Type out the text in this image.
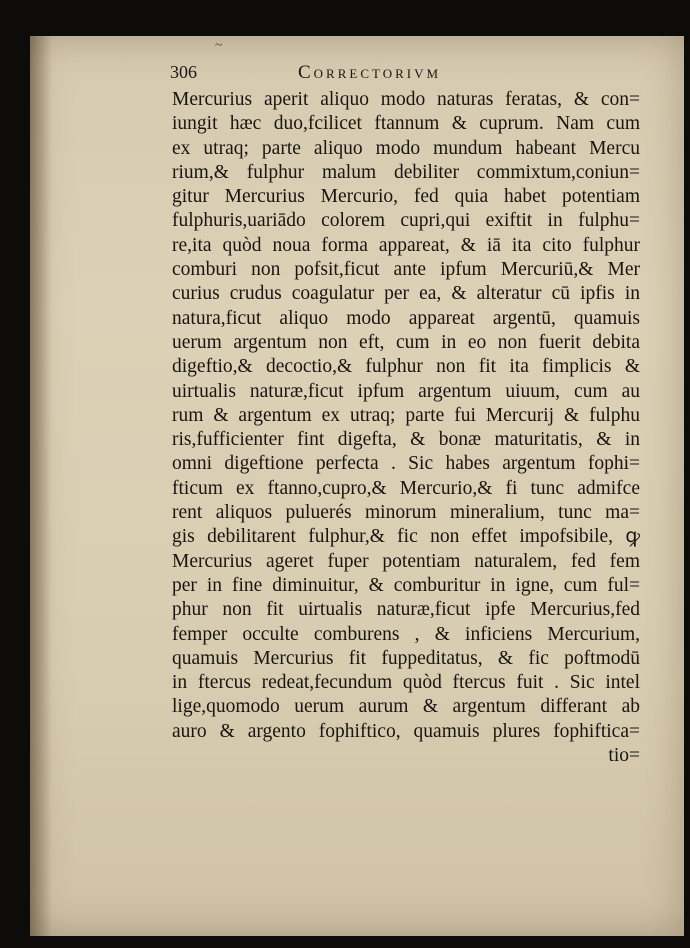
~
306	Correctorivm
Mercurius aperit aliquo modo naturas feratas, & con=
iungit hæc duo,fcilicet ftannum & cuprum. Nam cum
ex utraq; parte aliquo modo mundum habeant Mercu
rium,& fulphur malum debiliter commixtum,coniun=
gitur Mercurius Mercurio, fed quia habet potentiam
fulphuris,uariādo colorem cupri,qui exiftit in fulphu=
re,ita quòd noua forma appareat, & iā ita cito fulphur
comburi non pofsit,ficut ante ipfum Mercuriū,& Mer
curius crudus coagulatur per ea, & alteratur cū ipfis in
natura,ficut aliquo modo appareat argentū, quamuis
uerum argentum non eft, cum in eo non fuerit debita
digeftio,& decoctio,& fulphur non fit ita fimplicis &
uirtualis naturæ,ficut ipfum argentum uiuum, cum au
rum & argentum ex utraq; parte fui Mercurij & fulphu
ris,fufficienter fint digefta, & bonæ maturitatis, & in
omni digeftione perfecta . Sic habes argentum fophi=
fticum ex ftanno,cupro,& Mercurio,& fi tunc admifce
rent aliquos puluerés minorum mineralium, tunc ma=
gis debilitarent fulphur,& fic non effet impofsibile, ꝙ
Mercurius ageret fuper potentiam naturalem, fed fem
per in fine diminuitur, & comburitur in igne, cum ful=
phur non fit uirtualis naturæ,ficut ipfe Mercurius,fed
femper occulte comburens , & inficiens Mercurium,
quamuis Mercurius fit fuppeditatus, & fic poftmodū
in ftercus redeat,fecundum quòd ftercus fuit . Sic intel
lige,quomodo uerum aurum & argentum differant ab
auro & argento fophiftico, quamuis plures fophiftica=
tio=
